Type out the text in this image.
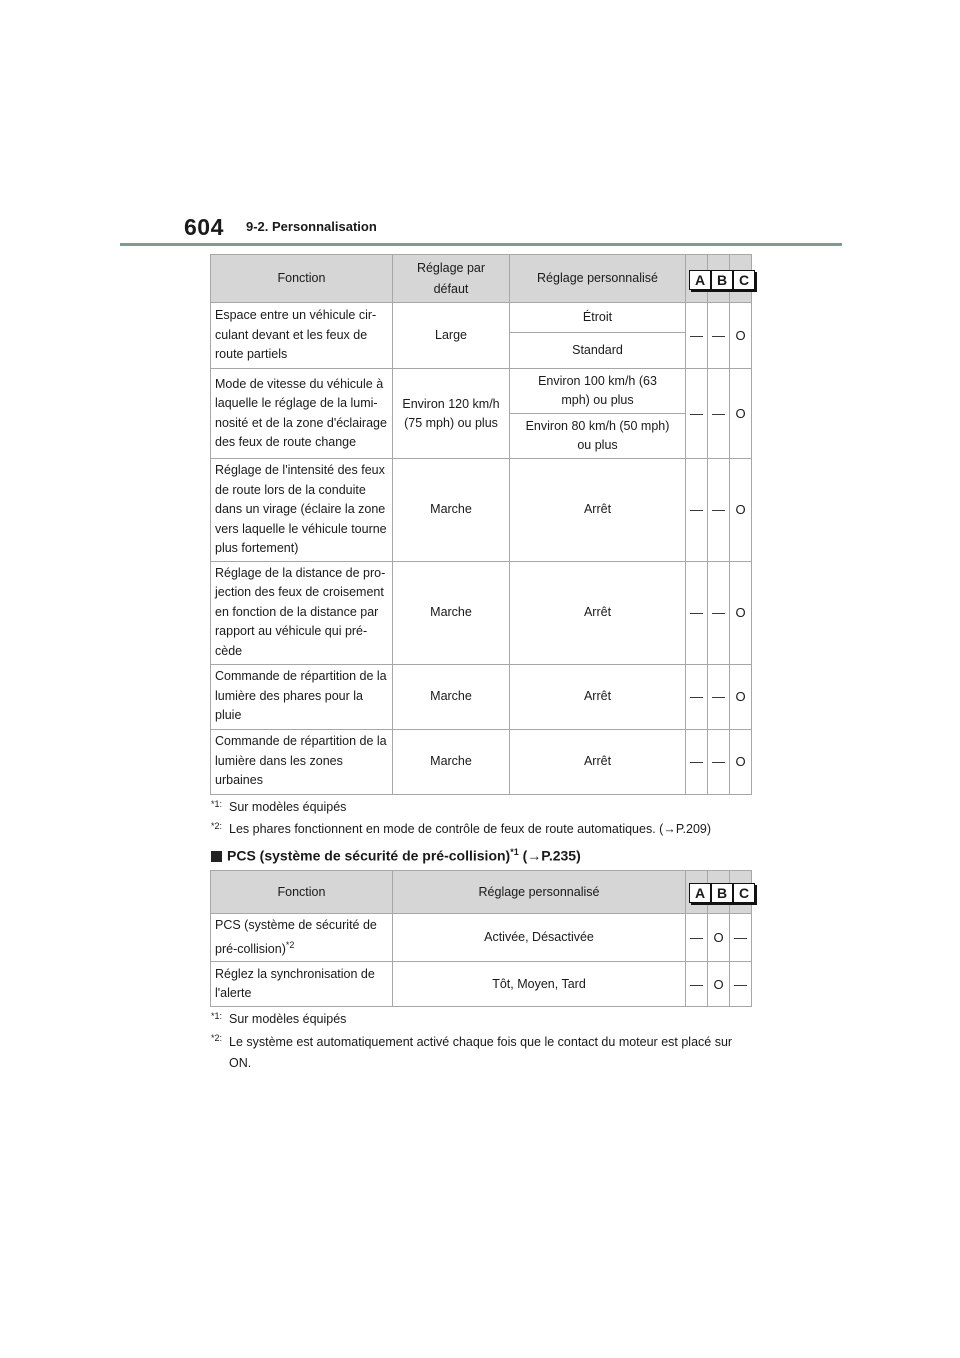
604 9-2. Personnalisation
Fonction	Réglage par défaut	Réglage personnalisé	A	B	C
Espace entre un véhicule cir-culant devant et les feux de route partiels	Large	Étroit	—	—	O
		Standard			
Mode de vitesse du véhicule à laquelle le réglage de la lumi-nosité et de la zone d'éclairage des feux de route change	Environ 120 km/h (75 mph) ou plus	Environ 100 km/h (63 mph) ou plus	—	—	O
		Environ 80 km/h (50 mph) ou plus			
Réglage de l'intensité des feux de route lors de la conduite dans un virage (éclaire la zone vers laquelle le véhicule tourne plus fortement)	Marche	Arrêt	—	—	O
Réglage de la distance de pro-jection des feux de croisement en fonction de la distance par rapport au véhicule qui pré-cède	Marche	Arrêt	—	—	O
Commande de répartition de la lumière des phares pour la pluie	Marche	Arrêt	—	—	O
Commande de répartition de la lumière dans les zones urbaines	Marche	Arrêt	—	—	O
*1: Sur modèles équipés
*2: Les phares fonctionnent en mode de contrôle de feux de route automatiques. (→P.209)
PCS (système de sécurité de pré-collision)$^{*1}$ (→P.235)
Fonction	Réglage personnalisé	A	B	C
PCS (système de sécurité de pré-collision)$^{*2}$	Activée, Désactivée	—	O	—
Réglez la synchronisation de l'alerte	Tôt, Moyen, Tard	—	O	—
*1: Sur modèles équipés
*2: Le système est automatiquement activé chaque fois que le contact du moteur est placé sur ON.
